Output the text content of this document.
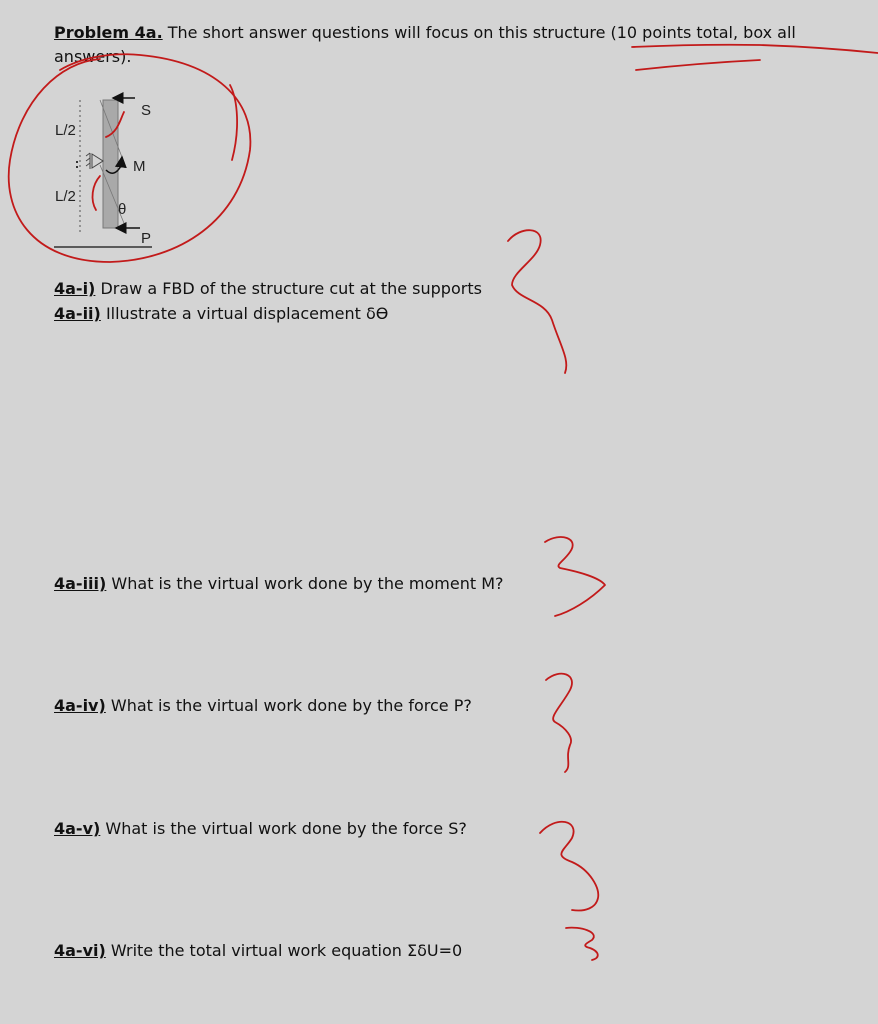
Problem 4a. The short answer questions will focus on this structure (10 points total, box all answers).
S
M
P
θ
L/2
L/2
4a-i) Draw a FBD of the structure cut at the supports
4a-ii) Illustrate a virtual displacement δϴ
4a-iii) What is the virtual work done by the moment M?
4a-iv) What is the virtual work done by the force P?
4a-v) What is the virtual work done by the force S?
4a-vi) Write the total virtual work equation ΣδU=0
